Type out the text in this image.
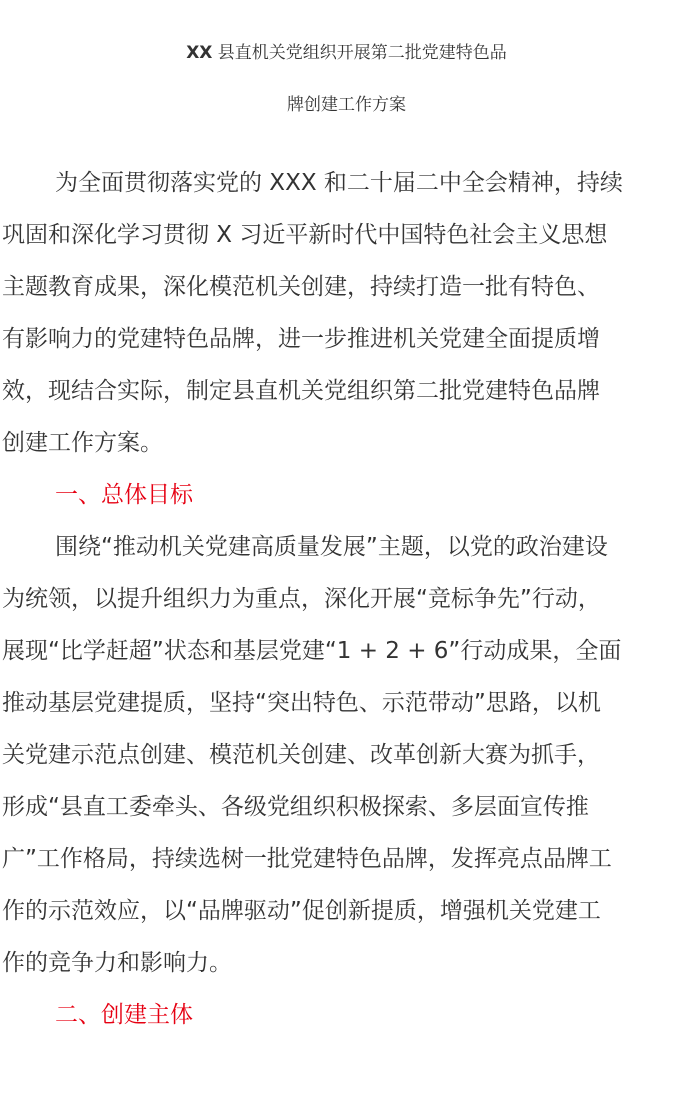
XX 县直机关党组织开展第二批党建特色品
牌创建工作方案
为全面贯彻落实党的 XXX 和二十届二中全会精神，持续
巩固和深化学习贯彻 X 习近平新时代中国特色社会主义思想
主题教育成果，深化模范机关创建，持续打造一批有特色、
有影响力的党建特色品牌，进一步推进机关党建全面提质增
效，现结合实际，制定县直机关党组织第二批党建特色品牌
创建工作方案。
一、总体目标
围绕“推动机关党建高质量发展”主题，以党的政治建设
为统领，以提升组织力为重点，深化开展“竞标争先”行动，
展现“比学赶超”状态和基层党建“1 + 2 + 6”行动成果，全面
推动基层党建提质，坚持“突出特色、示范带动”思路，以机
关党建示范点创建、模范机关创建、改革创新大赛为抓手，
形成“县直工委牵头、各级党组织积极探索、多层面宣传推
广”工作格局，持续选树一批党建特色品牌，发挥亮点品牌工
作的示范效应，以“品牌驱动”促创新提质，增强机关党建工
作的竞争力和影响力。
二、创建主体
